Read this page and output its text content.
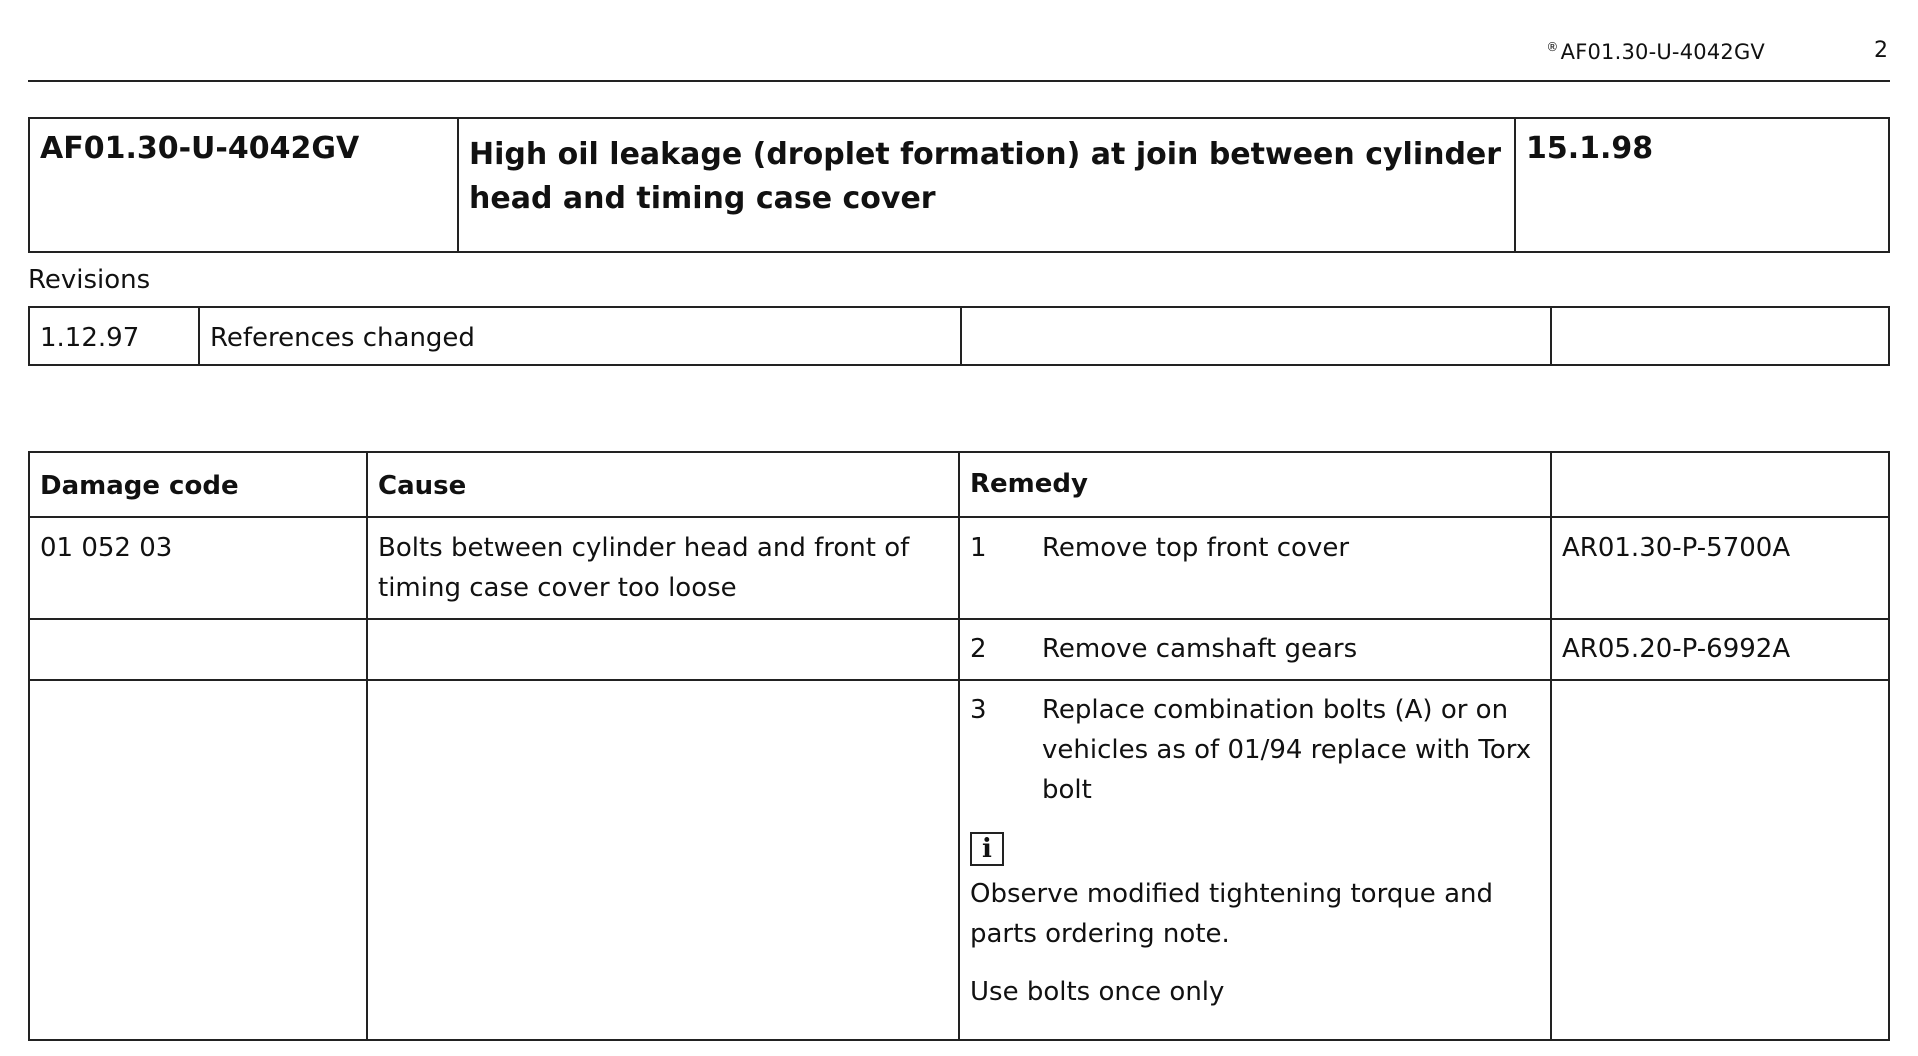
®AF01.30-U-4042GV	2
AF01.30-U-4042GV	High oil leakage (droplet formation) at join between cylinder head and timing case cover	15.1.98
Revisions
1.12.97	References changed		
Damage code	Cause	Remedy	
01 052 03	Bolts between cylinder head and front of timing case cover too loose	1 Remove top front cover	AR01.30-P-5700A

		2 Remove camshaft gears	AR05.20-P-6992A

		3 Replace combination bolts (A) or on vehicles as of 01/94 replace with Torx bolt
i

Observe modified tightening torque and parts ordering note.

Use bolts once only	
